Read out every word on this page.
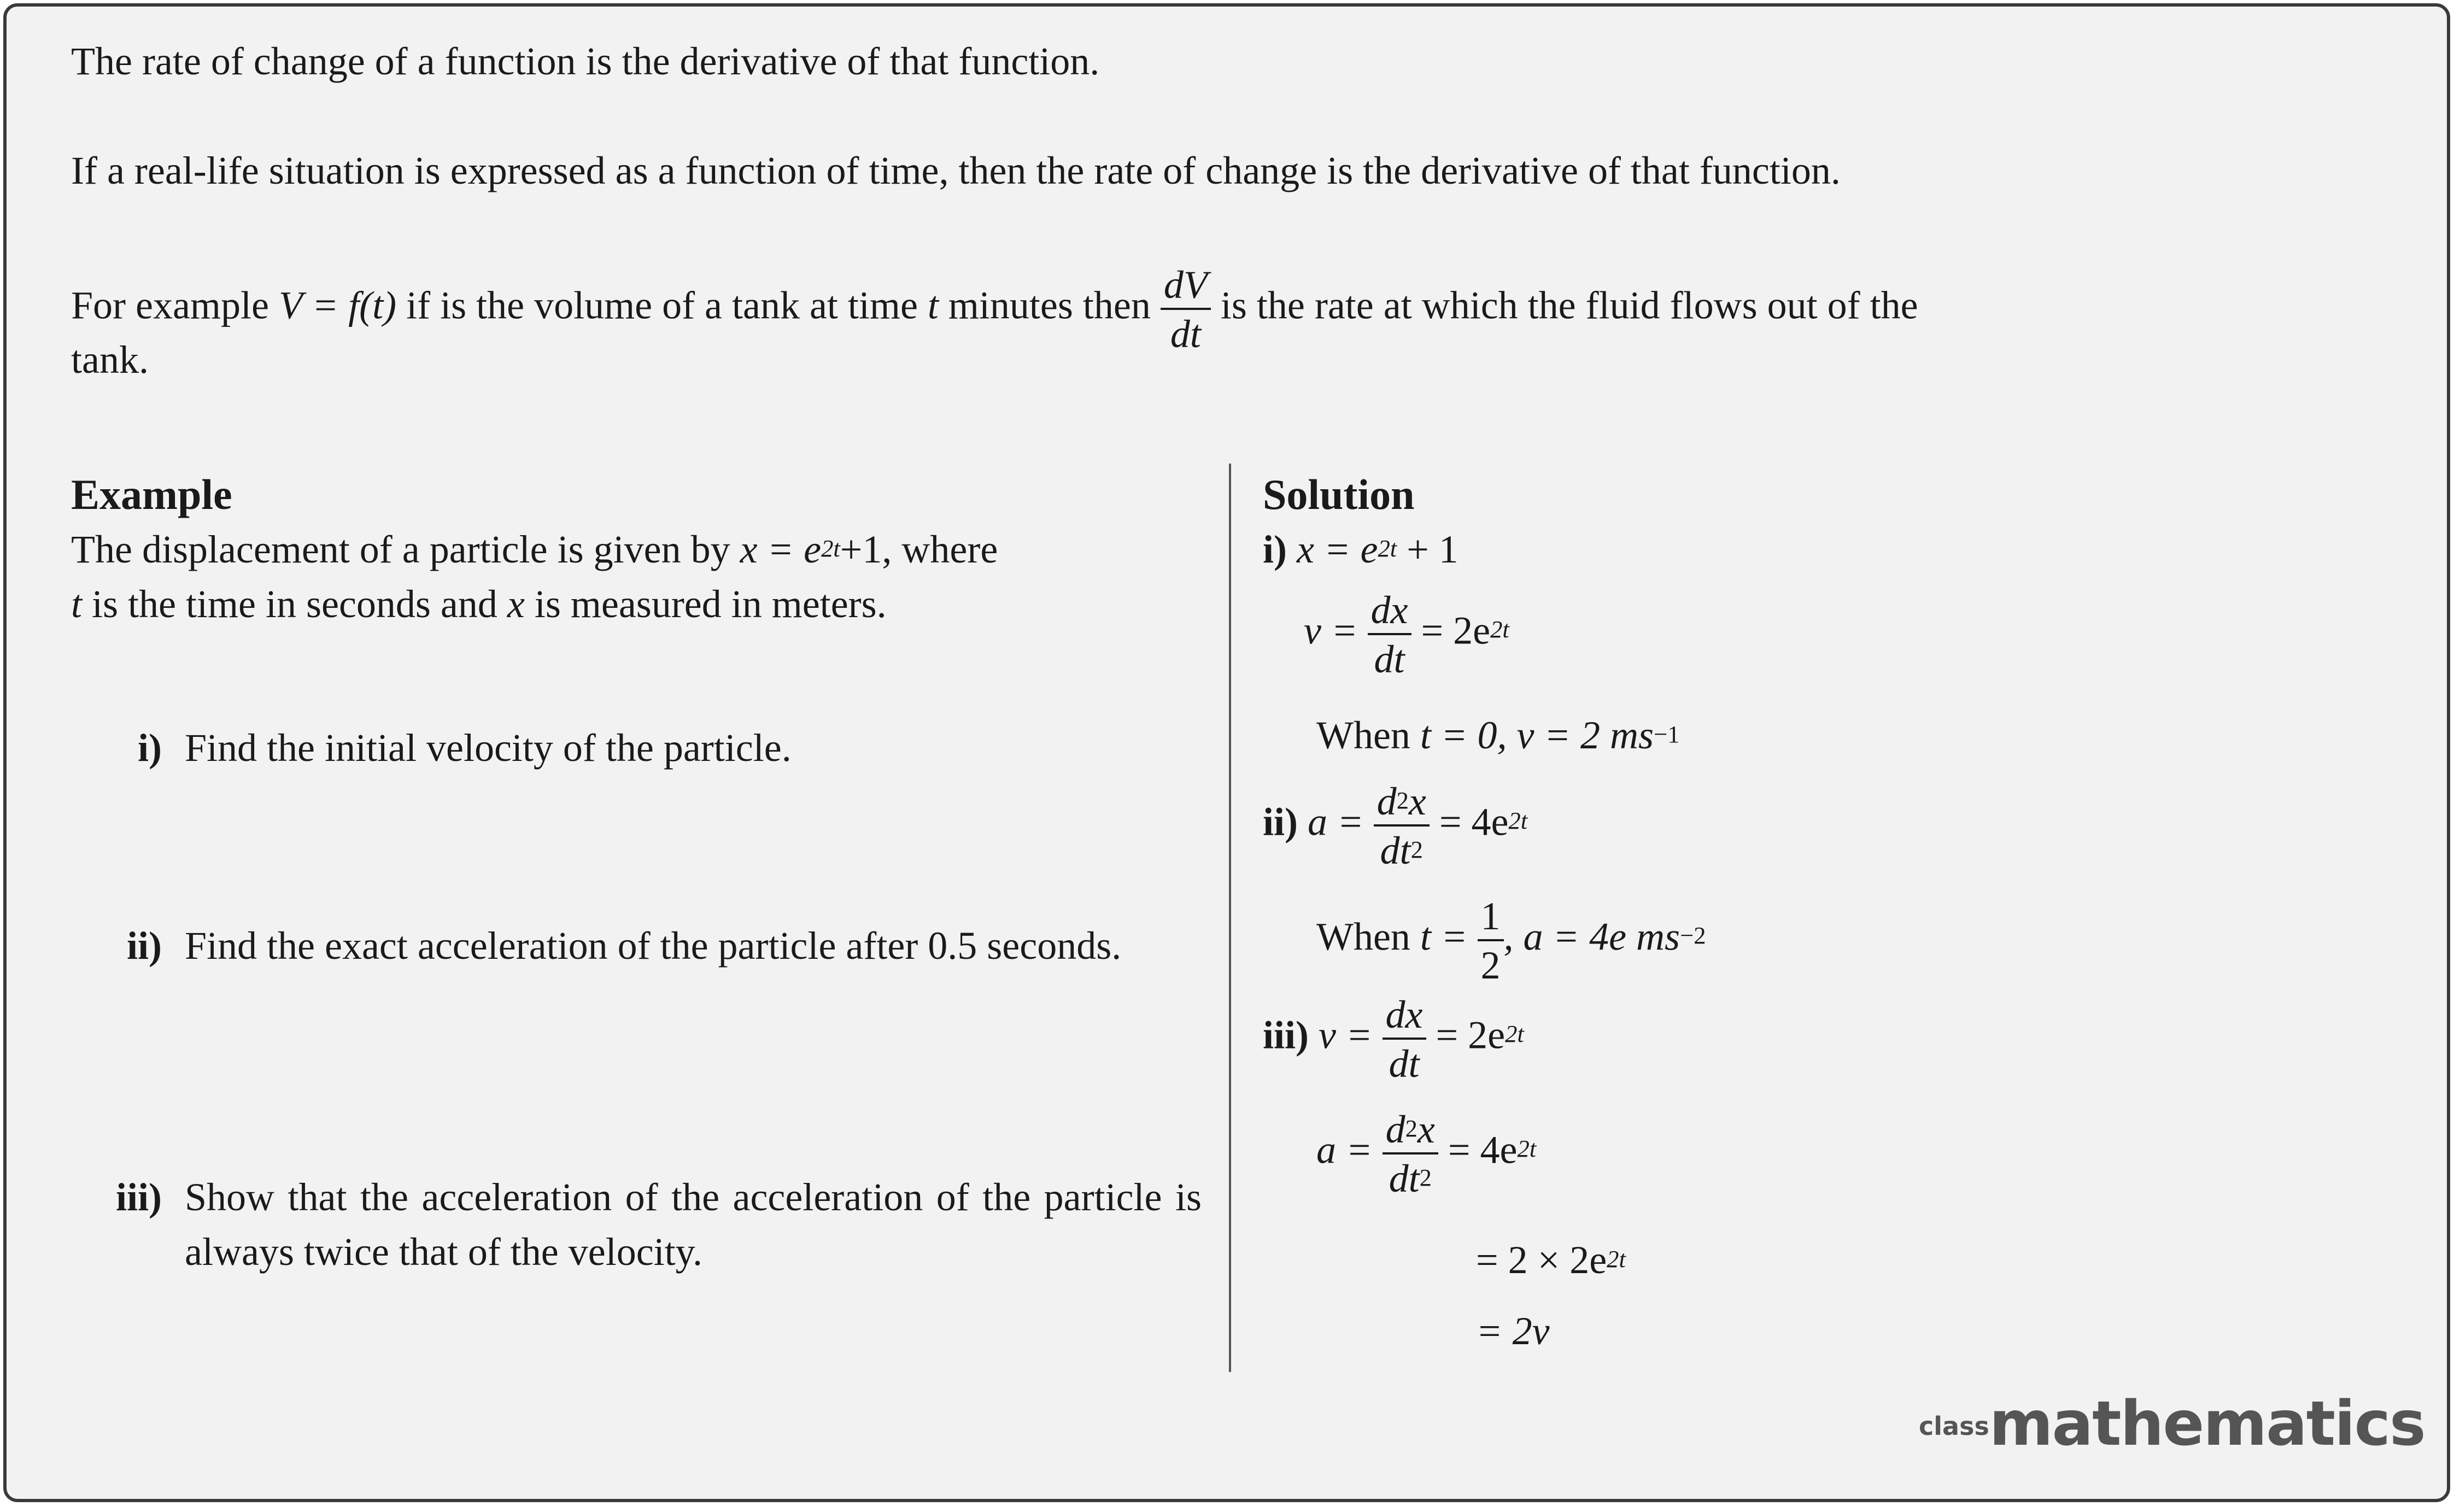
The rate of change of a function is the derivative of that function.

If a real-life situation is expressed as a function of time, then the rate of change is the derivative of that function.

For example V = f(t) if is the volume of a tank at time t minutes then $\frac{dV}{dt}$ is the rate at which the fluid flows out of the

tank.

Example
The displacement of a particle is given by $x = e^{2t}+1$, where
t is the time in seconds and x is measured in meters.
i) Find the initial velocity of the particle.
ii) Find the exact acceleration of the particle after 0.5 seconds.
iii) Show that the acceleration of the acceleration of the particle is always twice that of the velocity.
Solution
i) $x = e^{2t} + 1$
$v = \frac{dx}{dt} = 2e^{2t}$
When t = 0, v = 2 $ms^{-1}$
ii) $a = \frac{d^2x}{dt^2} = 4e^{2t}$
When $t = \frac{1}{2}$ , a = 4e $ms^{-2}$
iii) $v = \frac{dx}{dt} = 2e^{2t}$
$a = \frac{d^2x}{dt^2} = 4e^{2t}$
= $2 \times 2e^{2t}$
= 2v
classmathematics
